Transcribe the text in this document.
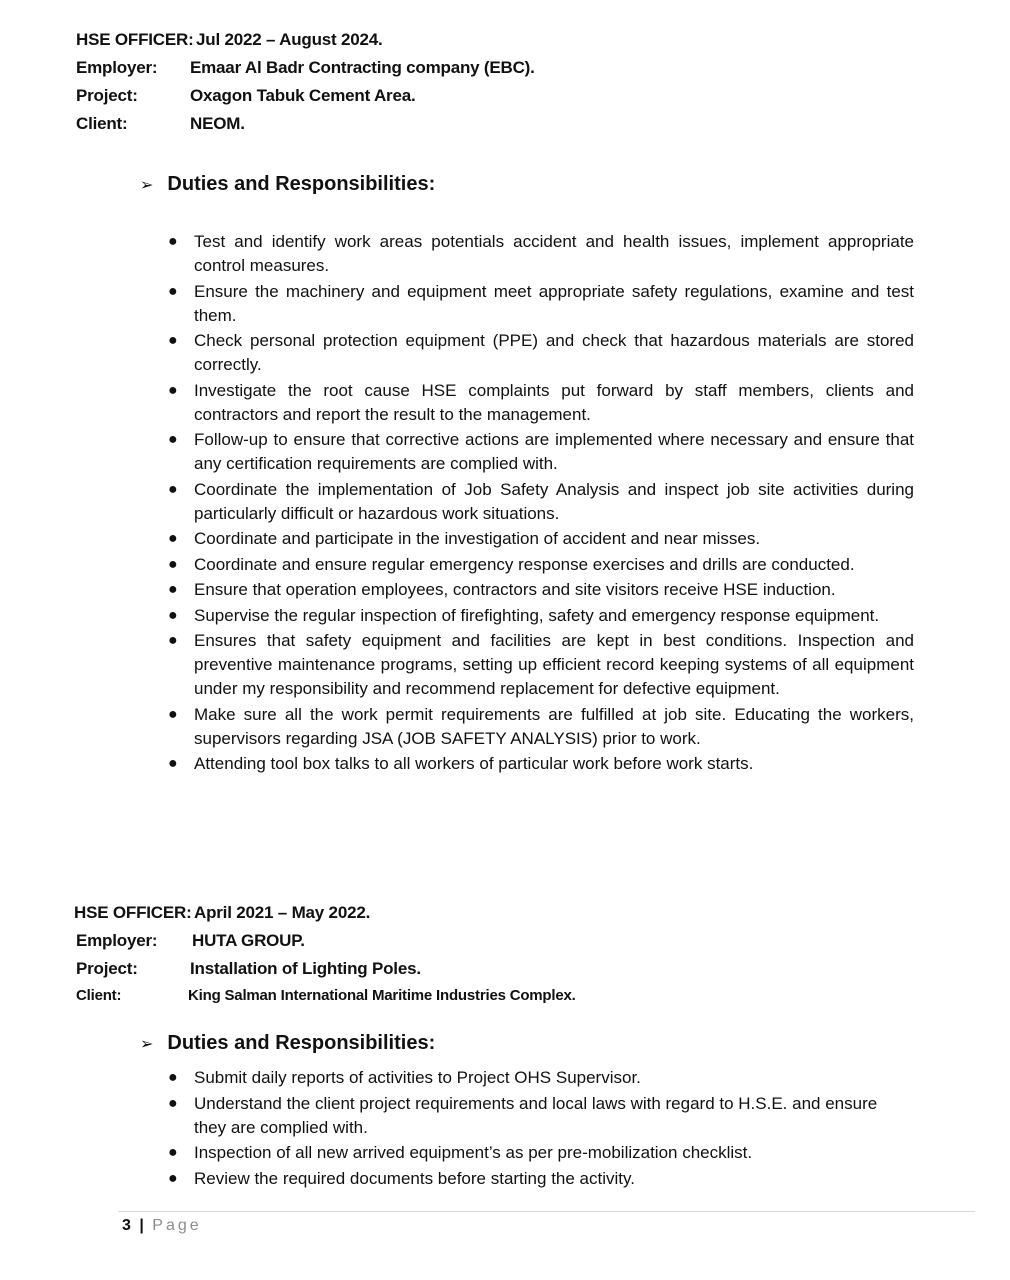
HSE OFFICER: Jul 2022 – August 2024.
Employer: Emaar Al Badr Contracting company (EBC).
Project:	Oxagon Tabuk Cement Area.
Client:	NEOM.
➢ Duties and Responsibilities:
● Test and identify work areas potentials accident and health issues, implement appropriate control measures.
● Ensure the machinery and equipment meet appropriate safety regulations, examine and test them.
● Check personal protection equipment (PPE) and check that hazardous materials are stored correctly.
● Investigate the root cause HSE complaints put forward by staff members, clients and contractors and report the result to the management.
● Follow-up to ensure that corrective actions are implemented where necessary and ensure that any certification requirements are complied with.
● Coordinate the implementation of Job Safety Analysis and inspect job site activities during particularly difficult or hazardous work situations.
● Coordinate and participate in the investigation of accident and near misses.
● Coordinate and ensure regular emergency response exercises and drills are conducted.
● Ensure that operation employees, contractors and site visitors receive HSE induction.
● Supervise the regular inspection of firefighting, safety and emergency response equipment.
● Ensures that safety equipment and facilities are kept in best conditions. Inspection and preventive maintenance programs, setting up efficient record keeping systems of all equipment under my responsibility and recommend replacement for defective equipment.
● Make sure all the work permit requirements are fulfilled at job site. Educating the workers, supervisors regarding JSA (JOB SAFETY ANALYSIS) prior to work.
● Attending tool box talks to all workers of particular work before work starts.
HSE OFFICER: April 2021 – May 2022.
Employer: HUTA GROUP.
Project:	Installation of Lighting Poles.
Client:	King Salman International Maritime Industries Complex.
➢ Duties and Responsibilities:
● Submit daily reports of activities to Project OHS Supervisor.
● Understand the client project requirements and local laws with regard to H.S.E. and ensure they are complied with.
● Inspection of all new arrived equipment’s as per pre-mobilization checklist.
● Review the required documents before starting the activity.
3 | Page
